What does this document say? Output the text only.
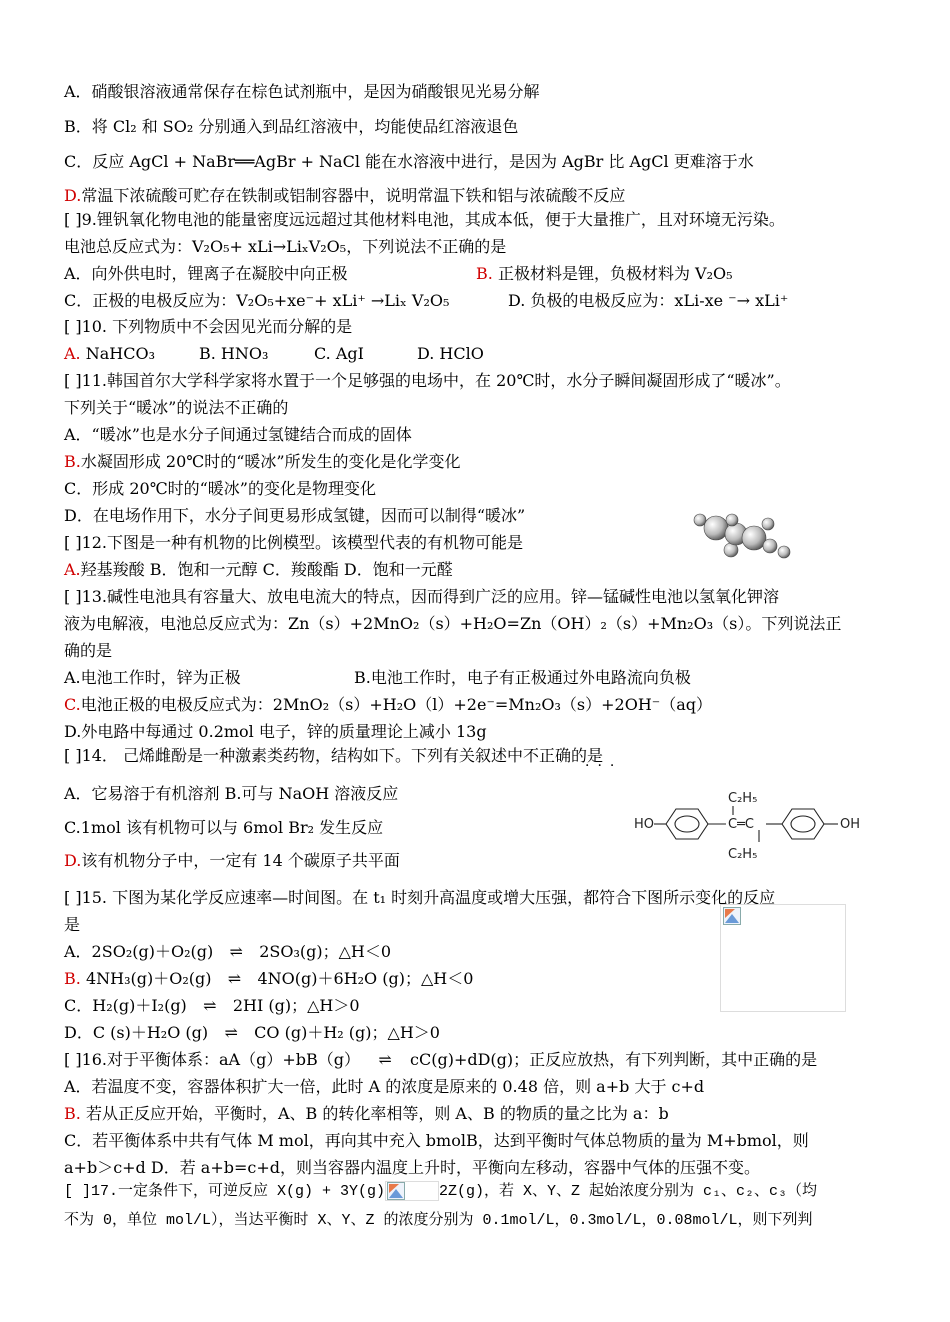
A．硝酸银溶液通常保存在棕色试剂瓶中，是因为硝酸银见光易分解
B．将 Cl₂ 和 SO₂ 分别通入到品红溶液中，均能使品红溶液退色
C．反应 AgCl + NaBr══AgBr + NaCl 能在水溶液中进行，是因为 AgBr 比 AgCl 更难溶于水
D.常温下浓硫酸可贮存在铁制或铝制容器中，说明常温下铁和铝与浓硫酸不反应
[ ]9.锂钒氧化物电池的能量密度远远超过其他材料电池，其成本低，便于大量推广，且对环境无污染。
电池总反应式为：V₂O₅+ xLi→LiₓV₂O₅，下列说法不正确的是
A．向外供电时，锂离子在凝胶中向正极	B. 正极材料是锂，负极材料为 V₂O₅
C．正极的电极反应为：V₂O₅+xe⁻+ xLi⁺ →Liₓ V₂O₅	D. 负极的电极反应为：xLi-xe ⁻→ xLi⁺
[ ]10. 下列物质中不会因见光而分解的是
A. NaHCO₃	B. HNO₃	C. AgI	D. HClO
[ ]11.韩国首尔大学科学家将水置于一个足够强的电场中，在 20℃时，水分子瞬间凝固形成了“暖冰”。
下列关于“暖冰”的说法不正确的
A．“暖冰”也是水分子间通过氢键结合而成的固体
B.水凝固形成 20℃时的“暖冰”所发生的变化是化学变化
C．形成 20℃时的“暖冰”的变化是物理变化
D．在电场作用下，水分子间更易形成氢键，因而可以制得“暖冰”
[ ]12.下图是一种有机物的比例模型。该模型代表的有机物可能是
A.羟基羧酸 B．饱和一元醇 C．羧酸酯 D．饱和一元醛
[ ]13.碱性电池具有容量大、放电电流大的特点，因而得到广泛的应用。锌—锰碱性电池以氢氧化钾溶
液为电解液，电池总反应式为：Zn（s）+2MnO₂（s）+H₂O=Zn（OH）₂（s）+Mn₂O₃（s）。下列说法正
确的是
A.电池工作时，锌为正极	B.电池工作时，电子有正极通过外电路流向负极
C.电池正极的电极反应式为：2MnO₂（s）+H₂O（l）+2e⁻=Mn₂O₃（s）+2OH⁻（aq）
D.外电路中每通过 0.2mol 电子，锌的质量理论上减小 13g
[ ]14． 己烯雌酚是一种激素类药物，结构如下。下列有关叙述中不正确的是
···
A．它易溶于有机溶剂 B.可与 NaOH 溶液反应
C.1mol 该有机物可以与 6mol Br₂ 发生反应
D.该有机物分子中，一定有 14 个碳原子共平面
HO	OH
C₂H₅
C₂H₅
C═C
[ ]15. 下图为某化学反应速率—时间图。在 t₁ 时刻升高温度或增大压强，都符合下图所示变化的反应
是
A．2SO₂(g)＋O₂(g) ⇌ 2SO₃(g)；△H＜0
B. 4NH₃(g)＋O₂(g) ⇌ 4NO(g)＋6H₂O (g)；△H＜0
C．H₂(g)＋I₂(g) ⇌ 2HI (g)；△H＞0
D．C (s)＋H₂O (g) ⇌ CO (g)＋H₂ (g)；△H＞0
[ ]16.对于平衡体系：aA（g）+bB（g） ⇌ cC(g)+dD(g)；正反应放热，有下列判断，其中正确的是
A．若温度不变，容器体积扩大一倍，此时 A 的浓度是原来的 0.48 倍，则 a+b 大于 c+d
B. 若从正反应开始，平衡时，A、B 的转化率相等，则 A、B 的物质的量之比为 a：b
C．若平衡体系中共有气体 M mol，再向其中充入 bmolB，达到平衡时气体总物质的量为 M+bmol，则
a+b＞c+d D．若 a+b=c+d，则当容器内温度上升时，平衡向左移动，容器中气体的压强不变。
[ ]17.一定条件下，可逆反应 X(g) + 3Y(g)	2Z(g)，若 X、Y、Z 起始浓度分别为 c₁、c₂、c₃（均
不为 0，单位 mol/L），当达平衡时 X、Y、Z 的浓度分别为 0.1mol/L，0.3mol/L，0.08mol/L，则下列判
